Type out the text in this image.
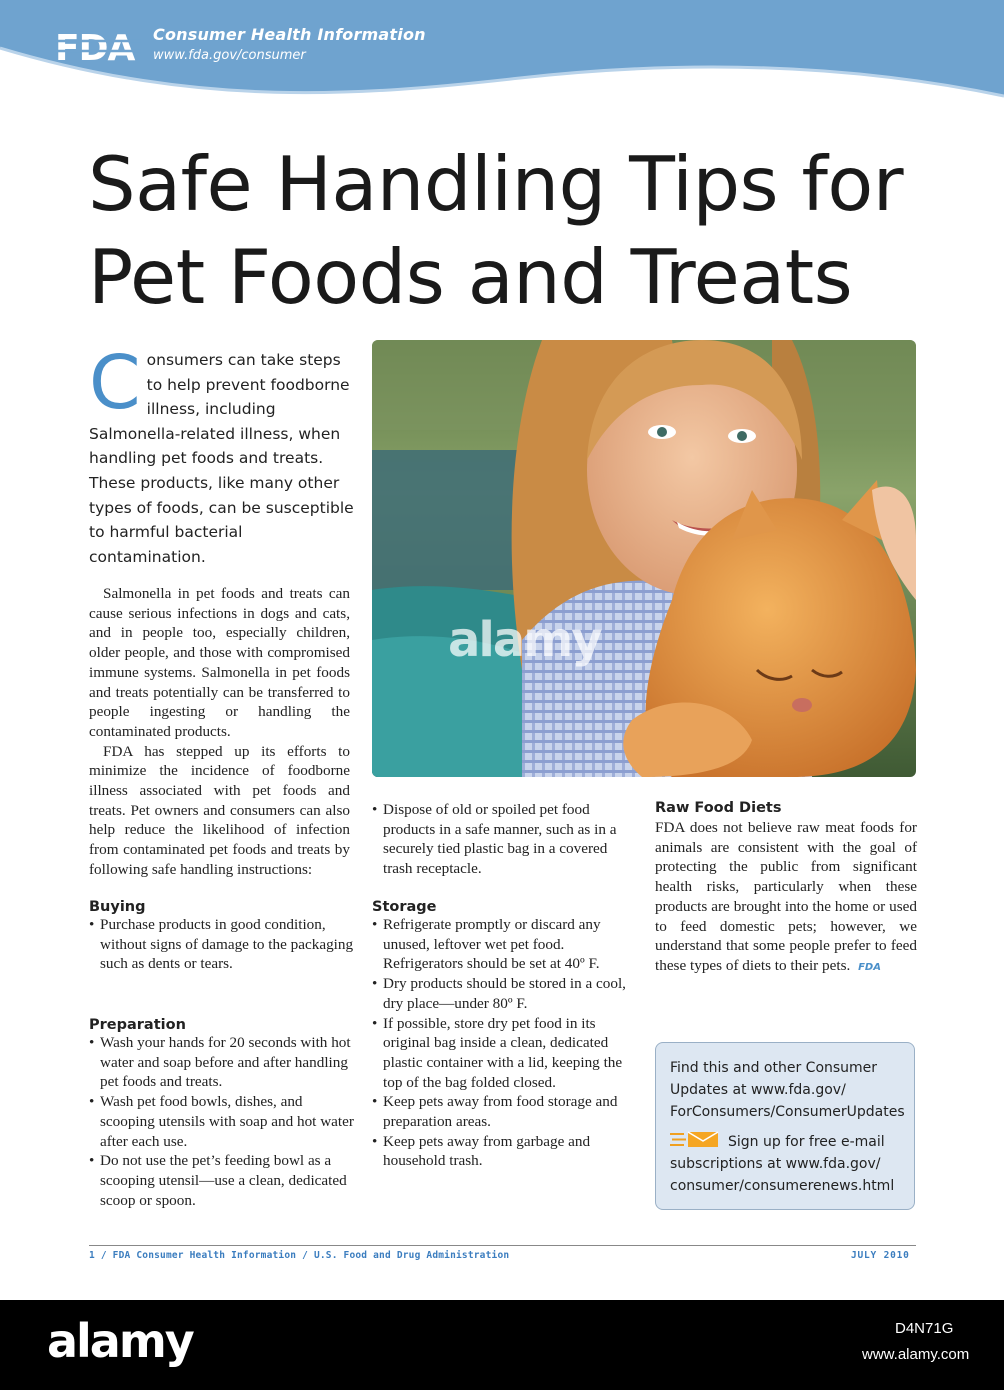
FDA Consumer Health Information
www.fda.gov/consumer
Safe Handling Tips for
Pet Foods and Treats
C onsumers can take steps to help prevent foodborne illness, including Salmonella-related illness, when handling pet foods and treats. These products, like many other types of foods, can be susceptible to harmful bacterial contamination.

Salmonella in pet foods and treats can cause serious infections in dogs and cats, and in people too, especially children, older people, and those with compromised immune systems. Salmonella in pet foods and treats potentially can be transferred to people ingesting or handling the contaminated products.

FDA has stepped up its efforts to minimize the incidence of foodborne illness associated with pet foods and treats. Pet owners and consumers can also help reduce the likelihood of infection from contaminated pet foods and treats by following safe handling instructions:

Buying
• Purchase products in good condition, without signs of damage to the packaging such as dents or tears.
Preparation
• Wash your hands for 20 seconds with hot water and soap before and after handling pet foods and treats.
• Wash pet food bowls, dishes, and scooping utensils with soap and hot water after each use.
• Do not use the pet’s feeding bowl as a scooping utensil—use a clean, dedicated scoop or spoon.
alamy
• Dispose of old or spoiled pet food products in a safe manner, such as in a securely tied plastic bag in a covered trash receptacle.
Storage
• Refrigerate promptly or discard any unused, leftover wet pet food. Refrigerators should be set at 40º F.
• Dry products should be stored in a cool, dry place—under 80º F.
• If possible, store dry pet food in its original bag inside a clean, dedicated plastic container with a lid, keeping the top of the bag folded closed.
• Keep pets away from food storage and preparation areas.
• Keep pets away from garbage and household trash.
Raw Food Diets

FDA does not believe raw meat foods for animals are consistent with the goal of protecting the public from significant health risks, particularly when these products are brought into the home or used to feed domestic pets; however, we understand that some people prefer to feed these types of diets to their pets. FDA

Find this and other Consumer Updates at www.fda.gov/ ForConsumers/ConsumerUpdates

Sign up for free e-mail subscriptions at www.fda.gov/ consumer/consumerenews.html

1 / FDA Consumer Health Information / U.S. Food and Drug Administration	JULY 2010
alamy	D4N71G
www.alamy.com
